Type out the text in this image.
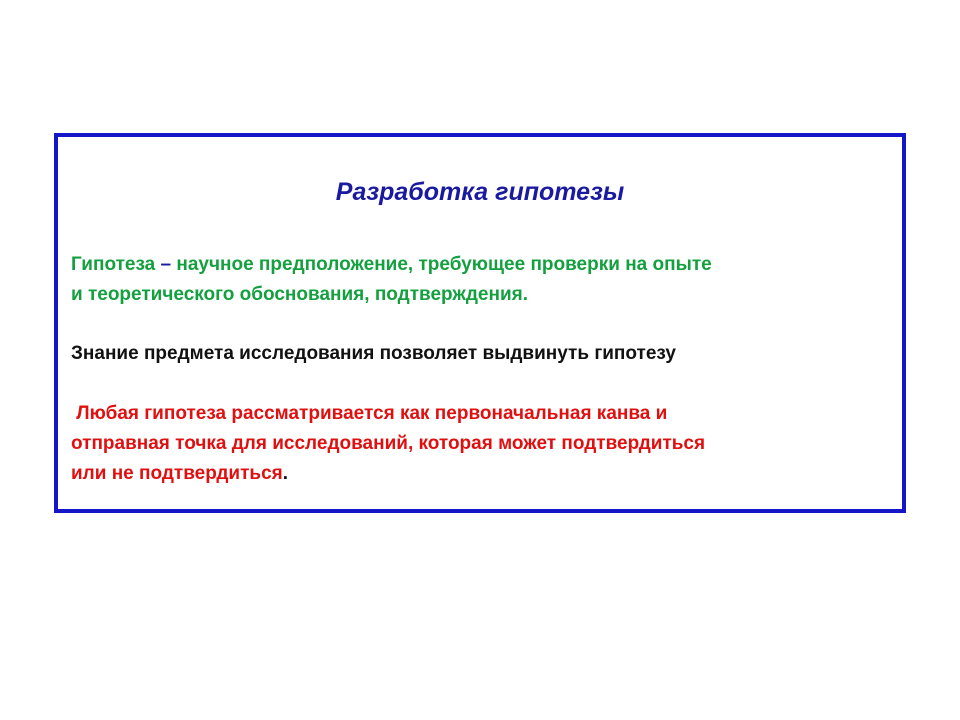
Разработка гипотезы

Гипотеза – научное предположение, требующее проверки на опыте
и теоретического обоснования, подтверждения.

Знание предмета исследования позволяет выдвинуть гипотезу

Любая гипотеза рассматривается как первоначальная канва и
отправная точка для исследований, которая может подтвердиться
или не подтвердиться.
